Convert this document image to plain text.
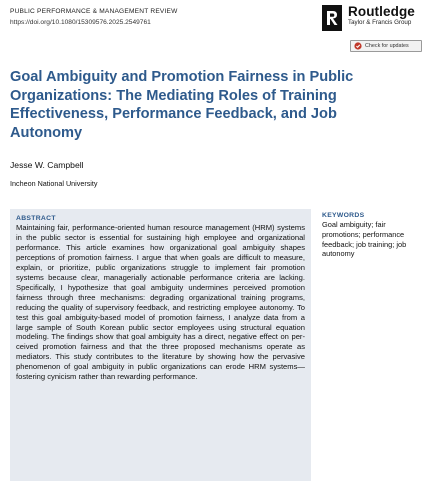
PUBLIC PERFORMANCE & MANAGEMENT REVIEW
https://doi.org/10.1080/15309576.2025.2549761
Routledge
Taylor & Francis Group
Check for updates
Goal Ambiguity and Promotion Fairness in Public Organizations: The Mediating Roles of Training Effectiveness, Performance Feedback, and Job Autonomy
Jesse W. Campbell
Incheon National University
ABSTRACT
Maintaining fair, performance-oriented human resource management (HRM) systems in the public sector is essential for sustaining high employee and organizational performance. This article examines how organizational goal ambiguity shapes perceptions of promotion fairness. I argue that when goals are difficult to measure, explain, or prioritize, public organizations struggle to implement fair promotion systems because clear, managerially actionable performance criteria are lacking. Specifically, I hypothesize that goal ambiguity undermines perceived promotion fairness through three mechanisms: degrading organizational training programs, reducing the quality of supervisory feedback, and restricting employee autonomy. To test this goal ambiguity-based model of promotion fairness, I analyze data from a large sample of South Korean public sector employees using structural equation modeling. The findings show that goal ambiguity has a direct, negative effect on perceived promotion fairness and that the three proposed mechanisms operate as mediators. This study contributes to the literature by showing how the pervasive phenomenon of goal ambiguity in public organizations can erode HRM systems—fostering cynicism rather than rewarding performance.
KEYWORDS
Goal ambiguity; fair promotions; performance feedback; job training; job autonomy
